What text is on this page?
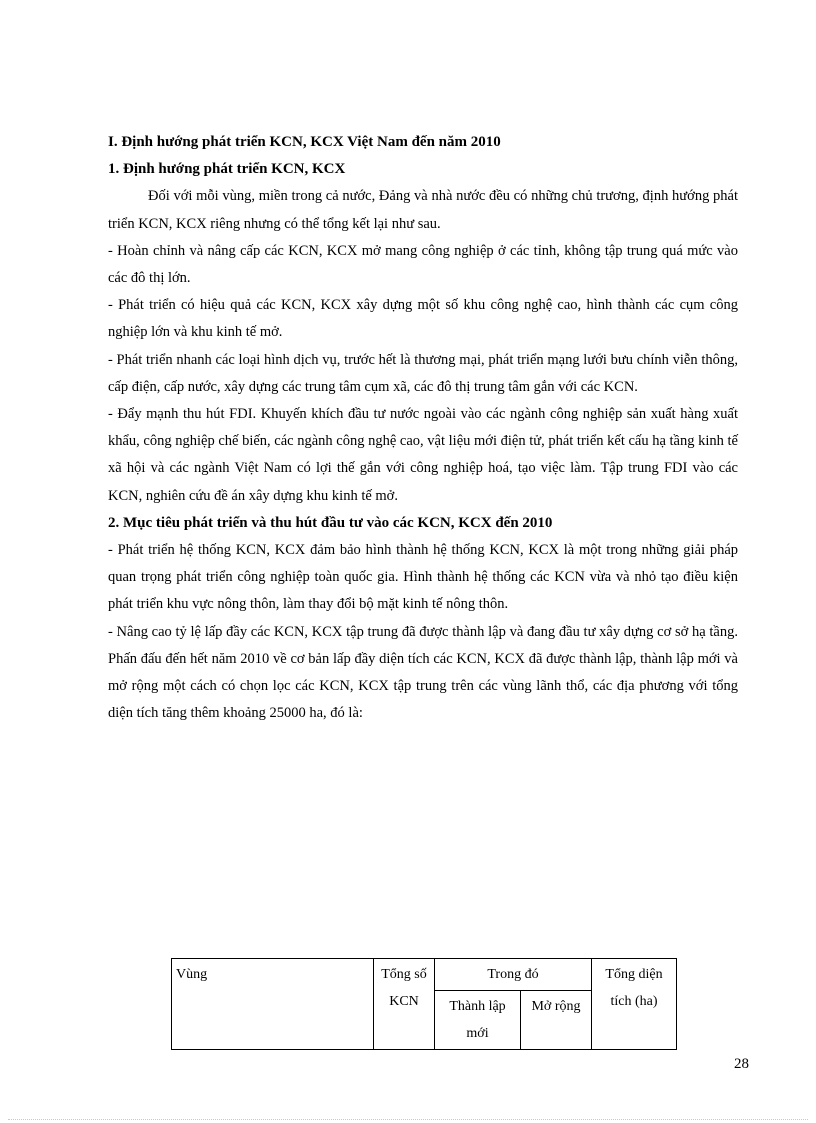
I. Định hướng phát triển KCN, KCX Việt Nam đến năm 2010
1. Định hướng phát triển KCN, KCX

Đối với mỗi vùng, miền trong cả nước, Đảng và nhà nước đều có những chủ trương, định hướng phát triển KCN, KCX riêng nhưng có thể tổng kết lại như sau.

- Hoàn chỉnh và nâng cấp các KCN, KCX mở mang công nghiệp ở các tỉnh, không tập trung quá mức vào các đô thị lớn.

- Phát triển có hiệu quả các KCN, KCX xây dựng một số khu công nghệ cao, hình thành các cụm công nghiệp lớn và khu kinh tế mở.

- Phát triển nhanh các loại hình dịch vụ, trước hết là thương mại, phát triển mạng lưới bưu chính viễn thông, cấp điện, cấp nước, xây dựng các trung tâm cụm xã, các đô thị trung tâm gắn với các KCN.

- Đẩy mạnh thu hút FDI. Khuyến khích đầu tư nước ngoài vào các ngành công nghiệp sản xuất hàng xuất khẩu, công nghiệp chế biến, các ngành công nghệ cao, vật liệu mới điện tử, phát triển kết cấu hạ tầng kinh tế xã hội và các ngành Việt Nam có lợi thế gắn với công nghiệp hoá, tạo việc làm. Tập trung FDI vào các KCN, nghiên cứu đề án xây dựng khu kinh tế mở.

2. Mục tiêu phát triển và thu hút đầu tư vào các KCN, KCX đến 2010

- Phát triển hệ thống KCN, KCX đảm bảo hình thành hệ thống KCN, KCX là một trong những giải pháp quan trọng phát triển công nghiệp toàn quốc gia. Hình thành hệ thống các KCN vừa và nhỏ tạo điều kiện phát triển khu vực nông thôn, làm thay đổi bộ mặt kinh tế nông thôn.

- Nâng cao tỷ lệ lấp đầy các KCN, KCX tập trung đã được thành lập và đang đầu tư xây dựng cơ sở hạ tầng. Phấn đấu đến hết năm 2010 về cơ bản lấp đầy diện tích các KCN, KCX đã được thành lập, thành lập mới và mở rộng một cách có chọn lọc các KCN, KCX tập trung trên các vùng lãnh thổ, các địa phương với tổng diện tích tăng thêm khoảng 25000 ha, đó là:

Vùng	Tổng số KCN	Trong đó		Tổng diện tích (ha)
		Thành lập mới	Mở rộng	
28
